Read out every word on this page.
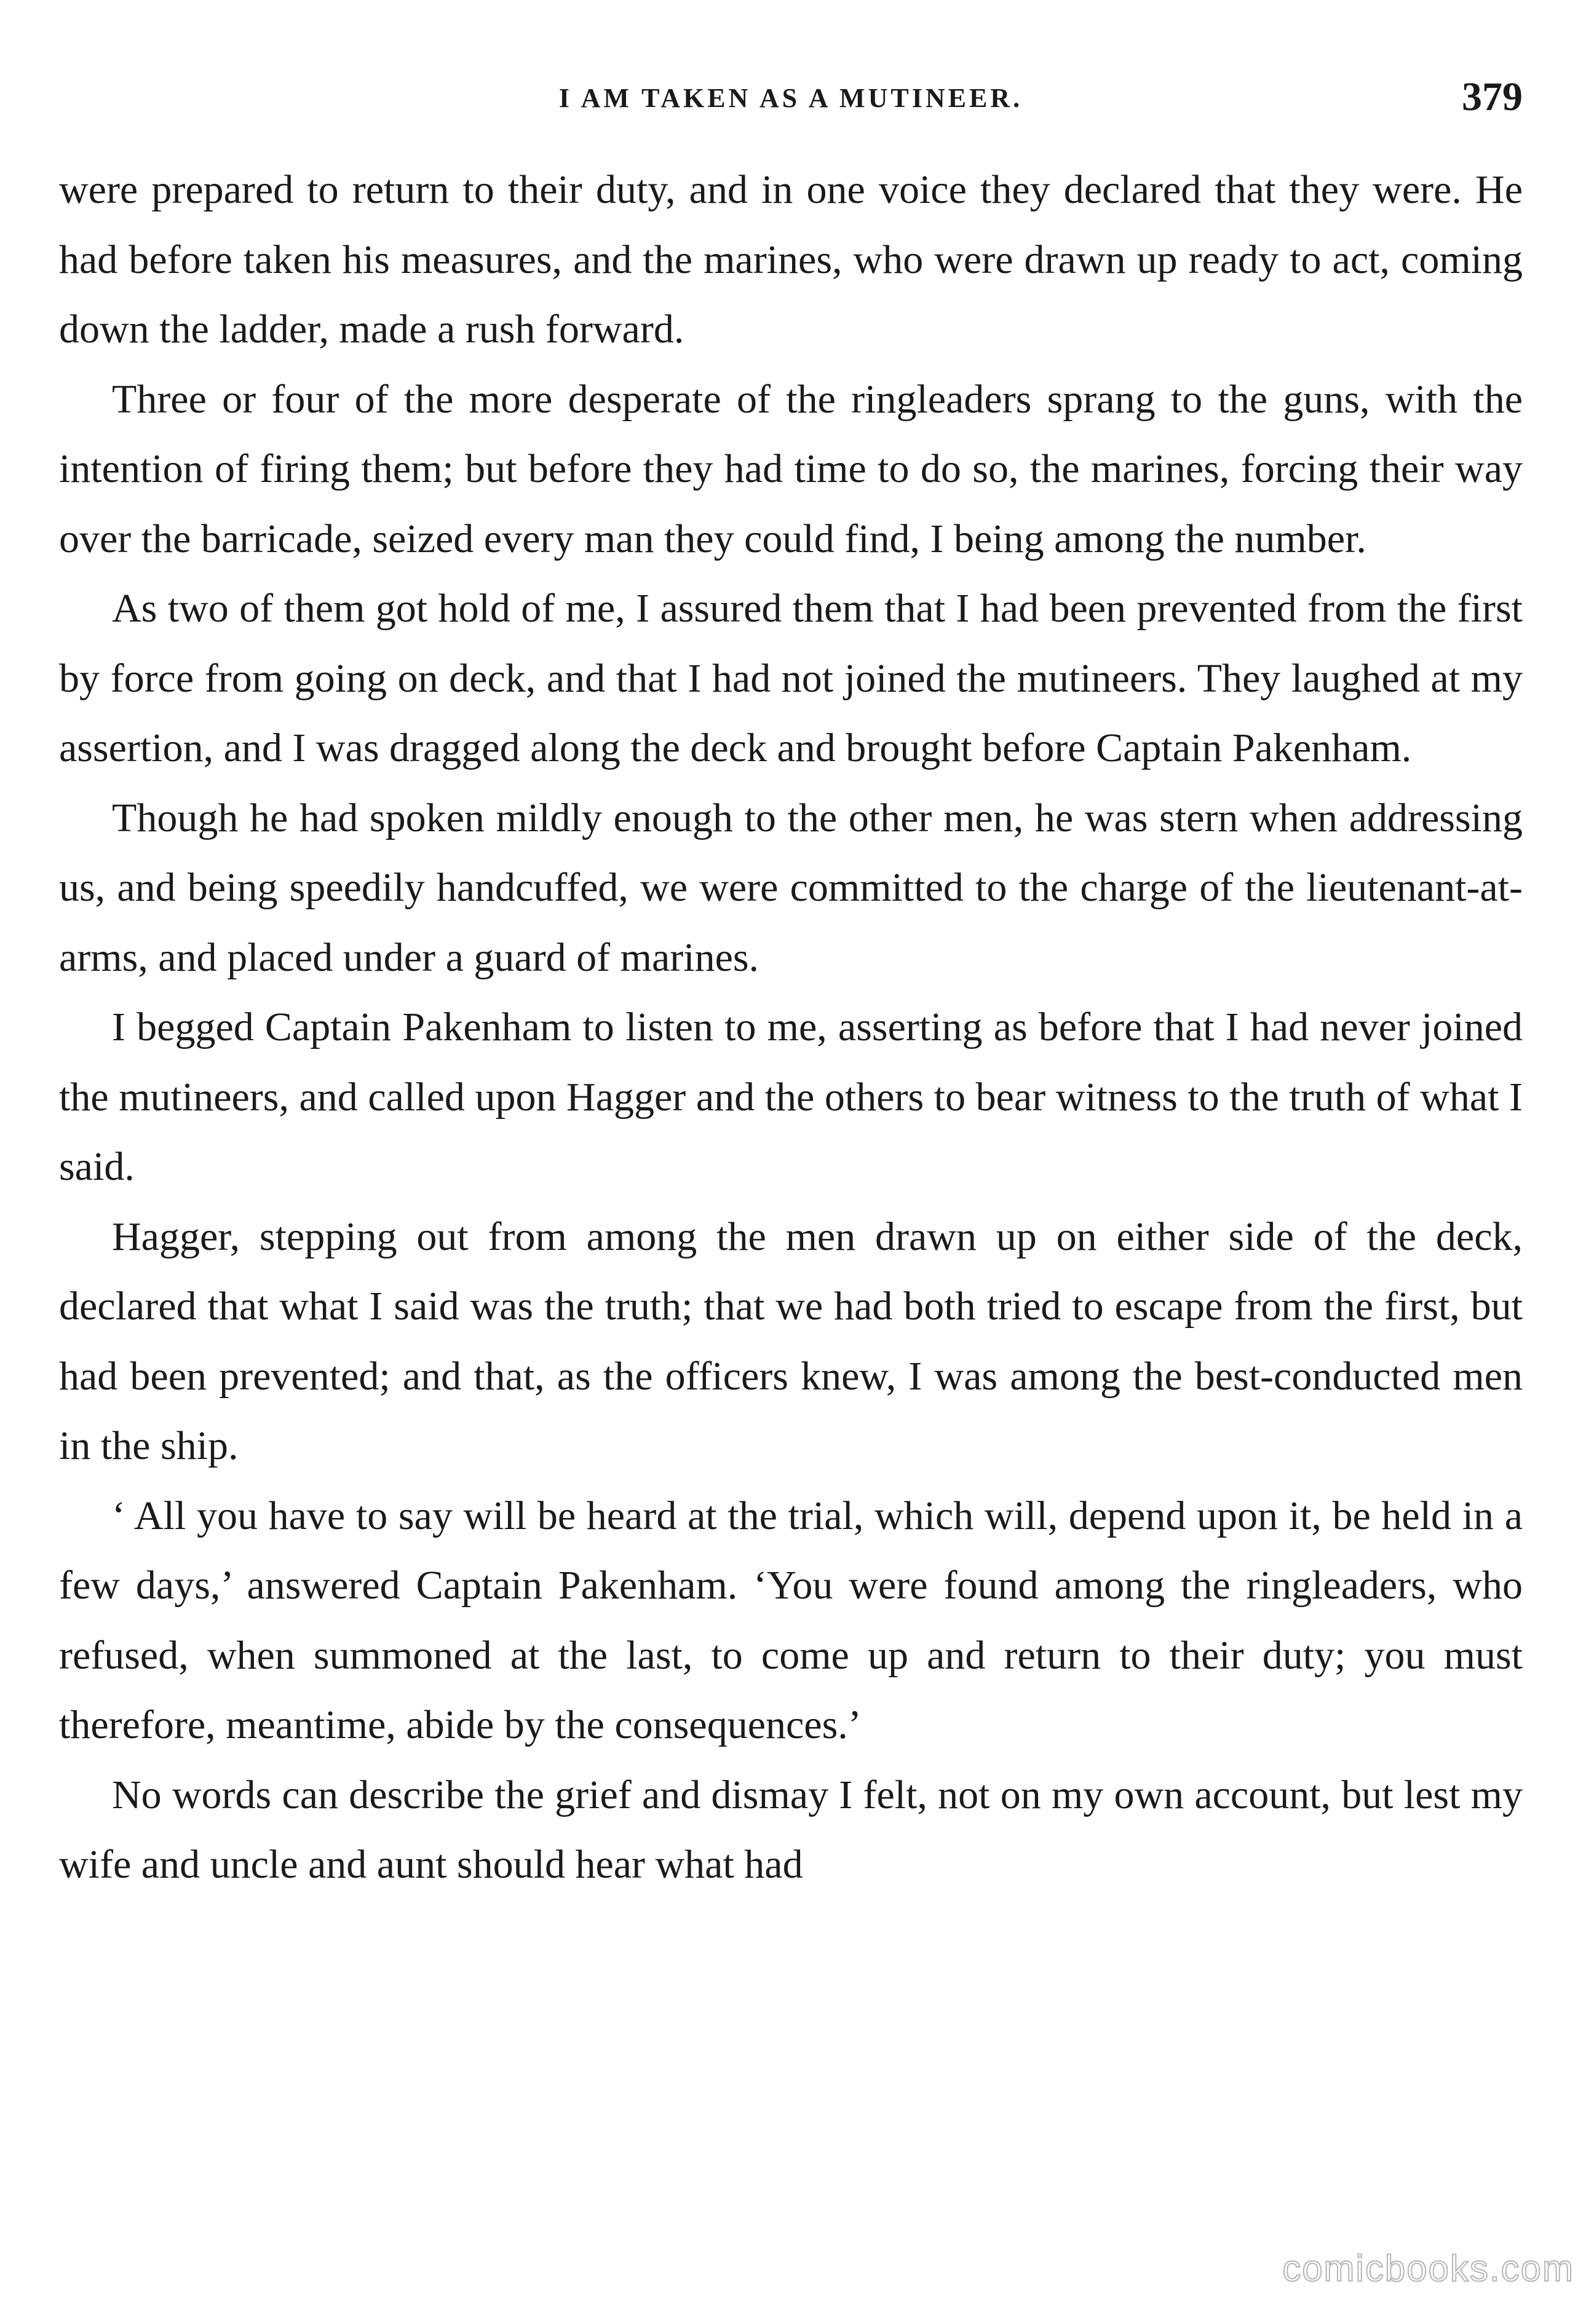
I AM TAKEN AS A MUTINEER.	379

were prepared to return to their duty, and in one voice they declared that they were. He had before taken his measures, and the marines, who were drawn up ready to act, coming down the ladder, made a rush forward.

Three or four of the more desperate of the ringleaders sprang to the guns, with the intention of firing them; but before they had time to do so, the marines, forcing their way over the barricade, seized every man they could find, I being among the number.

As two of them got hold of me, I assured them that I had been prevented from the first by force from going on deck, and that I had not joined the mutineers. They laughed at my assertion, and I was dragged along the deck and brought before Captain Pakenham.

Though he had spoken mildly enough to the other men, he was stern when addressing us, and being speedily handcuffed, we were committed to the charge of the lieutenant-at-arms, and placed under a guard of marines.

I begged Captain Pakenham to listen to me, asserting as before that I had never joined the mutineers, and called upon Hagger and the others to bear witness to the truth of what I said.

Hagger, stepping out from among the men drawn up on either side of the deck, declared that what I said was the truth; that we had both tried to escape from the first, but had been prevented; and that, as the officers knew, I was among the best-conducted men in the ship.

‘ All you have to say will be heard at the trial, which will, depend upon it, be held in a few days,’ answered Captain Pakenham. ‘You were found among the ringleaders, who refused, when summoned at the last, to come up and return to their duty; you must therefore, meantime, abide by the consequences.’

No words can describe the grief and dismay I felt, not on my own account, but lest my wife and uncle and aunt should hear what had

comicbooks.com
